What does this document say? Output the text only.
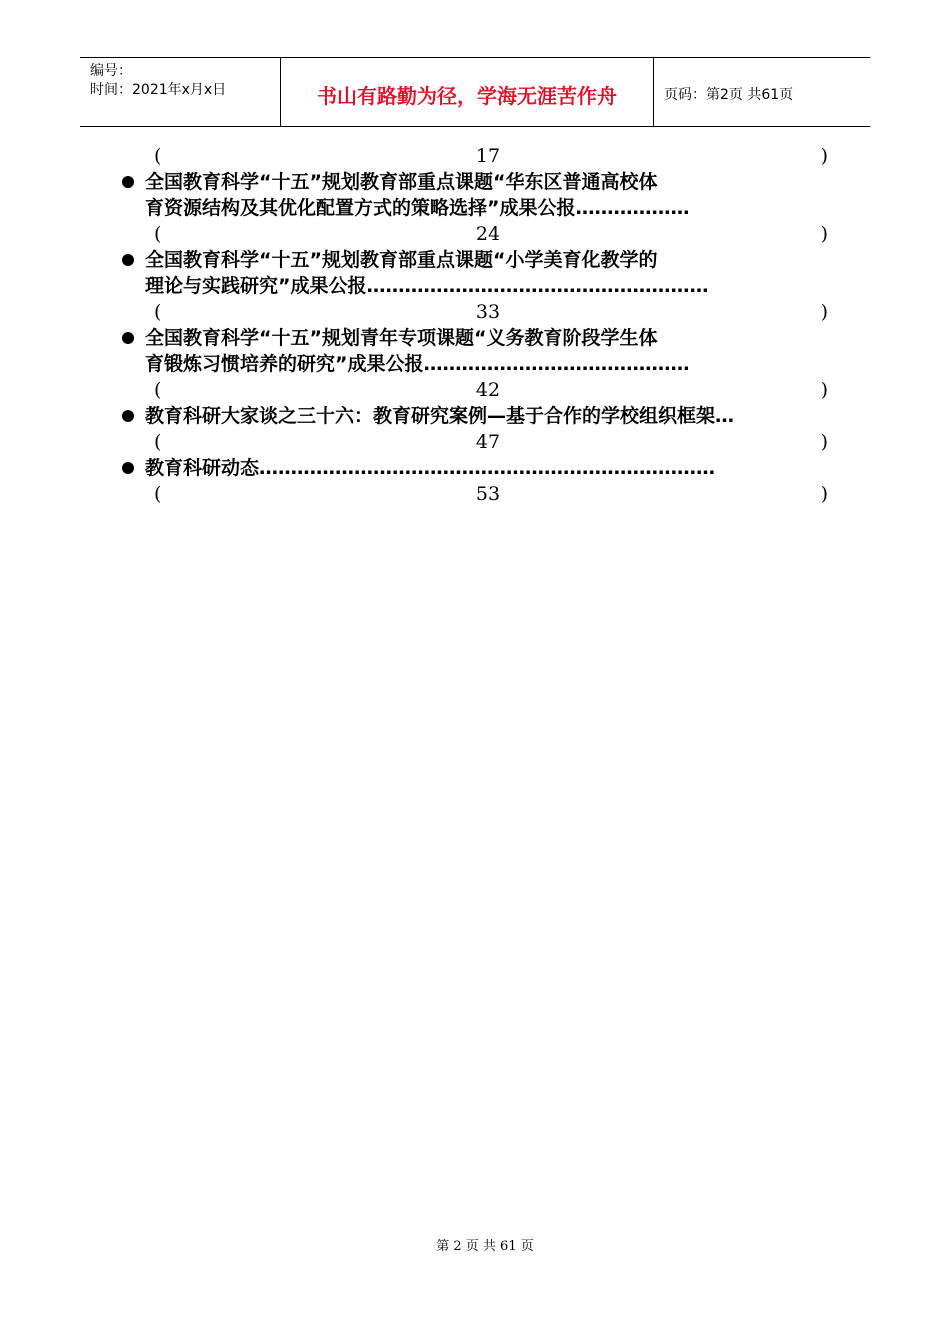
编号：
时间：2021年x月x日	书山有路勤为径，学海无涯苦作舟	页码：第2页 共61页
(	17	)
全国教育科学“十五”规划教育部重点课题“华东区普通高校体
育资源结构及其优化配置方式的策略选择”成果公报………………
(	24	)
全国教育科学“十五”规划教育部重点课题“小学美育化教学的
理论与实践研究”成果公报………………………………………………
(	33	)
全国教育科学“十五”规划青年专项课题“义务教育阶段学生体
育锻炼习惯培养的研究”成果公报……………………………………
(	42	)
教育科研大家谈之三十六：教育研究案例—基于合作的学校组织框架…
(	47	)
教育科研动态………………………………………………………………
(	53	)
第 2 页 共 61 页
